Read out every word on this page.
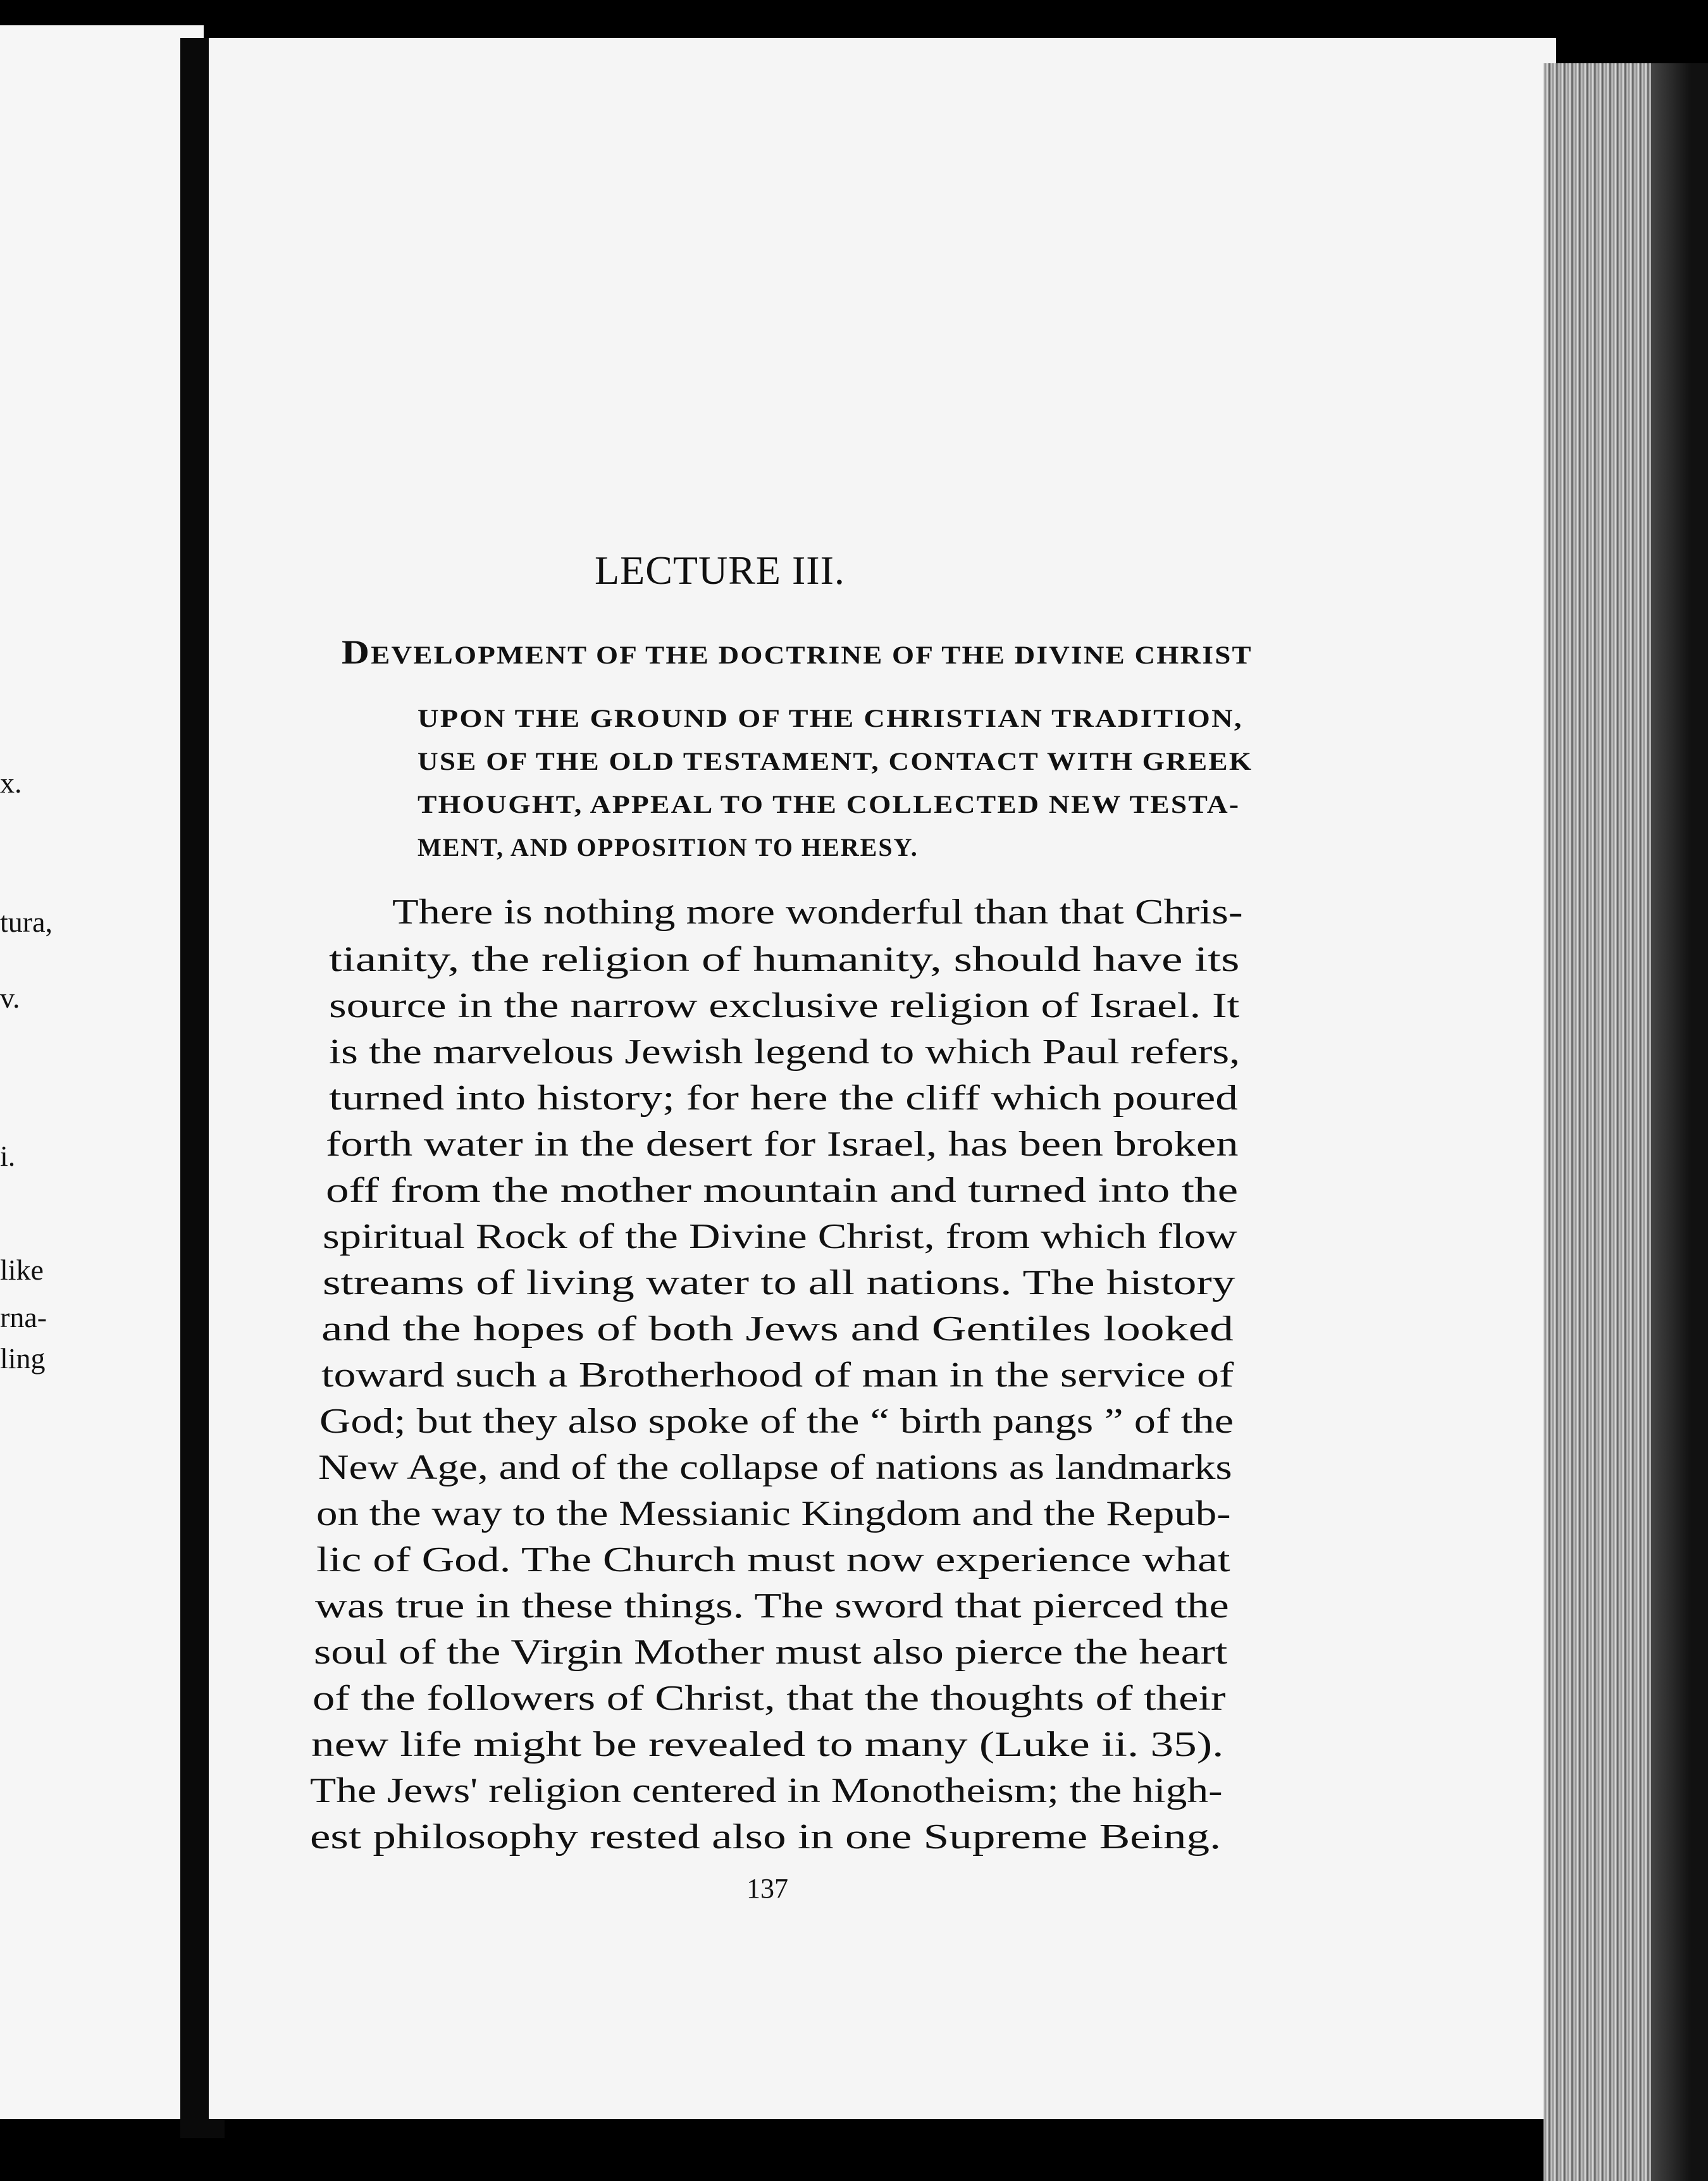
x.
tura,
v.
i.
like
rna-
ling
LECTURE III.
DEVELOPMENT OF THE DOCTRINE OF THE DIVINE CHRIST
UPON THE GROUND OF THE CHRISTIAN TRADITION,
USE OF THE OLD TESTAMENT, CONTACT WITH GREEK
THOUGHT, APPEAL TO THE COLLECTED NEW TESTA-
MENT, AND OPPOSITION TO HERESY.
There is nothing more wonderful than that Chris-
tianity, the religion of humanity, should have its
source in the narrow exclusive religion of Israel. It
is the marvelous Jewish legend to which Paul refers,
turned into history; for here the cliff which poured
forth water in the desert for Israel, has been broken
off from the mother mountain and turned into the
spiritual Rock of the Divine Christ, from which flow
streams of living water to all nations. The history
and the hopes of both Jews and Gentiles looked
toward such a Brotherhood of man in the service of
God; but they also spoke of the “ birth pangs ” of the
New Age, and of the collapse of nations as landmarks
on the way to the Messianic Kingdom and the Repub-
lic of God. The Church must now experience what
was true in these things. The sword that pierced the
soul of the Virgin Mother must also pierce the heart
of the followers of Christ, that the thoughts of their
new life might be revealed to many (Luke ii. 35).
The Jews' religion centered in Monotheism; the high-
est philosophy rested also in one Supreme Being.
137
